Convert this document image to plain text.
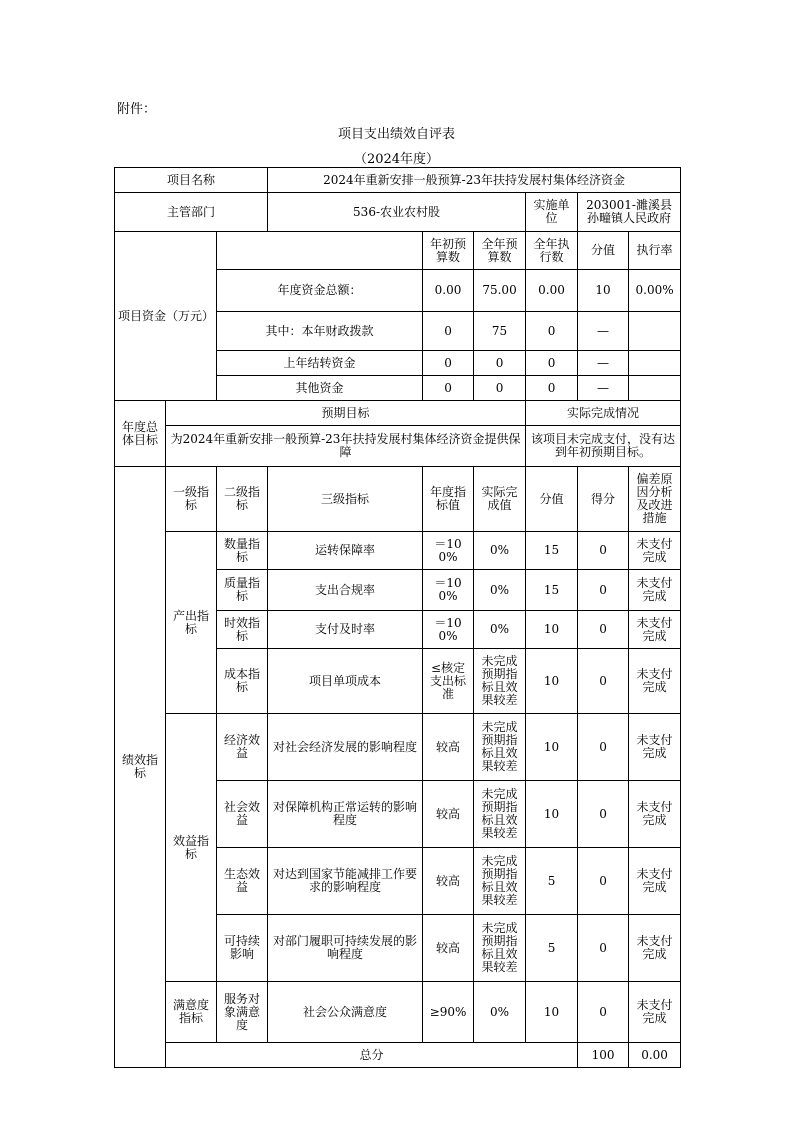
附件：
项目支出绩效自评表
（2024年度）
项目名称			2024年重新安排一般预算-23年扶持发展村集体经济资金						
主管部门			536-农业农村股			实施单位	203001-濉溪县孙疃镇人民政府		
项目资金（万元）				年初预算数	全年预算数	全年执行数	分值	执行率	
		年度资金总额：		0.00	75.00	0.00	10	0.00%	
		其中：本年财政拨款		0	75	0	—		
		上年结转资金		0	0	0	—		
		其他资金		0	0	0	—		
年度总体目标	预期目标					实际完成情况			
	为2024年重新安排一般预算-23年扶持发展村集体经济资金提供保障					该项目未完成支付，没有达到年初预期目标。			
绩效指标	一级指标	二级指标	三级指标	年度指标值	实际完成值	分值	得分	偏差原因分析及改进措施	
	产出指标	数量指标	运转保障率	＝100%	0%	15	0	未支付完成	
		质量指标	支出合规率	＝100%	0%	15	0	未支付完成	
		时效指标	支付及时率	＝100%	0%	10	0	未支付完成	
		成本指标	项目单项成本	≤核定支出标准	未完成预期指标且效果较差	10	0	未支付完成	
	效益指标	经济效益	对社会经济发展的影响程度	较高	未完成预期指标且效果较差	10	0	未支付完成	
		社会效益	对保障机构正常运转的影响程度	较高	未完成预期指标且效果较差	10	0	未支付完成	
		生态效益	对达到国家节能减排工作要求的影响程度	较高	未完成预期指标且效果较差	5	0	未支付完成	
		可持续影响	对部门履职可持续发展的影响程度	较高	未完成预期指标且效果较差	5	0	未支付完成	
	满意度指标	服务对象满意度	社会公众满意度	≥90%	0%	10	0	未支付完成	
	总分						100	0.00	
